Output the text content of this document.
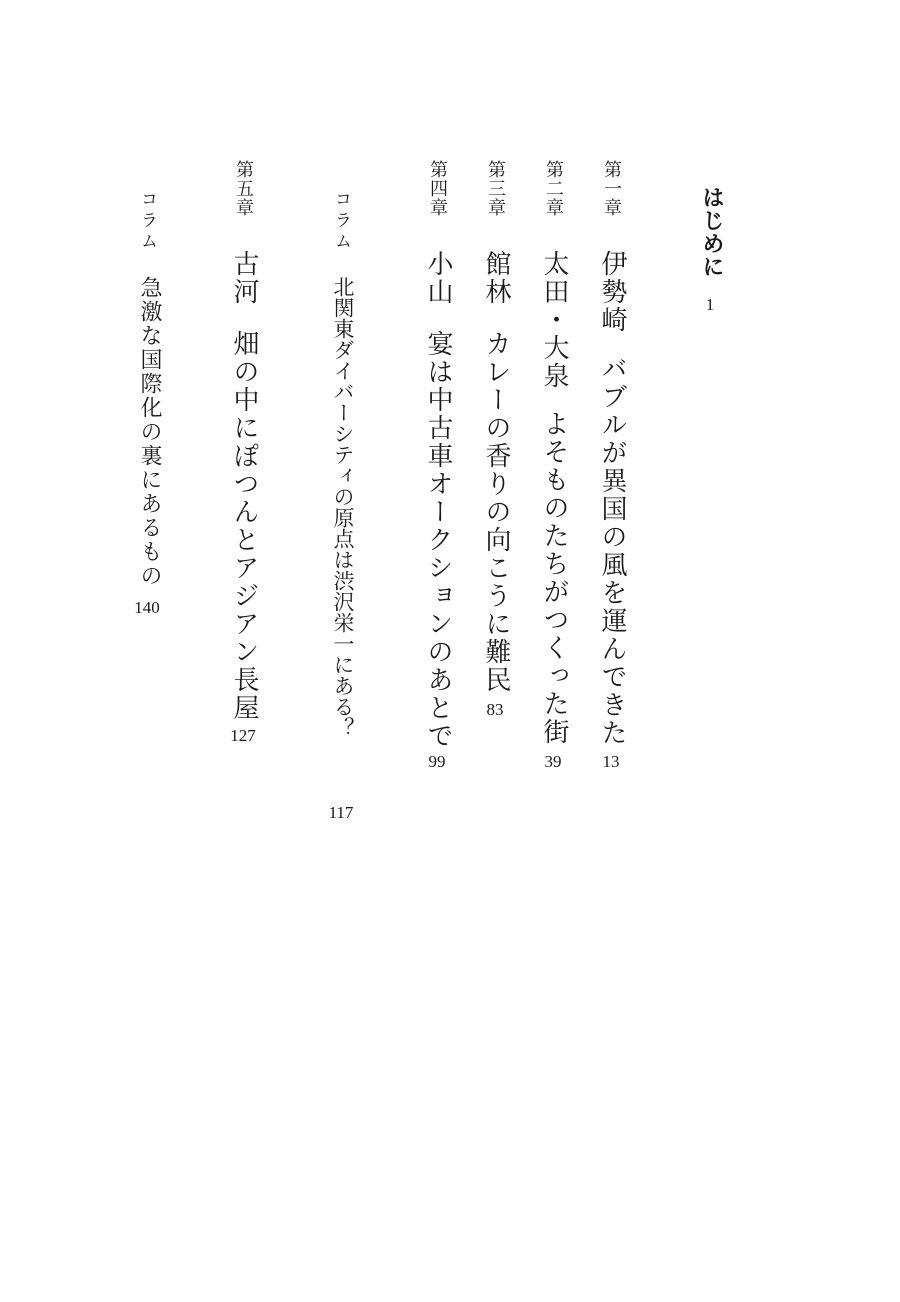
はじめに
1
第一章
伊勢崎
バブルが異国の風を運んできた
13
第二章
太田・大泉
よそものたちがつくった街
39
第三章
館林
カレーの香りの向こうに難民
83
第四章
小山
宴は中古車オークションのあとで
99
コラム
北関東ダイバーシティの原点は渋沢栄一にある？
117
第五章
古河
畑の中にぽつんとアジアン長屋
127
コラム
急激な国際化の裏にあるもの
140
